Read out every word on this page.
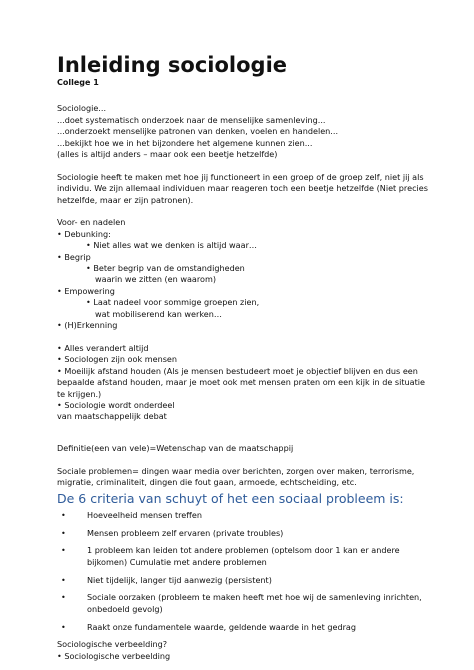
Inleiding sociologie
College 1

Sociologie...

...doet systematisch onderzoek naar de menselijke samenleving...

...onderzoekt menselijke patronen van denken, voelen en handelen...

...bekijkt hoe we in het bijzondere het algemene kunnen zien...

(alles is altijd anders – maar ook een beetje hetzelfde)

Sociologie heeft te maken met hoe jij functioneert in een groep of de groep zelf, niet jij als individu. We zijn allemaal individuen maar reageren toch een beetje hetzelfde (Niet precies hetzelfde, maar er zijn patronen).

Voor- en nadelen

• Debunking:

• Niet alles wat we denken is altijd waar…

• Begrip

• Beter begrip van de omstandigheden

waarin we zitten (en waarom)

• Empowering

• Laat nadeel voor sommige groepen zien,

wat mobiliserend kan werken…

• (H)Erkenning

• Alles verandert altijd

• Sociologen zijn ook mensen

• Moeilijk afstand houden (Als je mensen bestudeert moet je objectief blijven en dus een bepaalde afstand houden, maar je moet ook met mensen praten om een kijk in de situatie te krijgen.)

• Sociologie wordt onderdeel

van maatschappelijk debat

Definitie(een van vele)=Wetenschap van de maatschappij

Sociale problemen= dingen waar media over berichten, zorgen over maken, terrorisme, migratie, criminaliteit, dingen die fout gaan, armoede, echtscheiding, etc.

De 6 criteria van schuyt of het een sociaal probleem is:
• Hoeveelheid mensen treffen
• Mensen probleem zelf ervaren (private troubles)
• 1 probleem kan leiden tot andere problemen (optelsom door 1 kan er andere bijkomen) Cumulatie met andere problemen
• Niet tijdelijk, langer tijd aanwezig (persistent)
• Sociale oorzaken (probleem te maken heeft met hoe wij de samenleving inrichten, onbedoeld gevolg)
• Raakt onze fundamentele waarde, geldende waarde in het gedrag

Sociologische verbeelding?

• Sociologische verbeelding
